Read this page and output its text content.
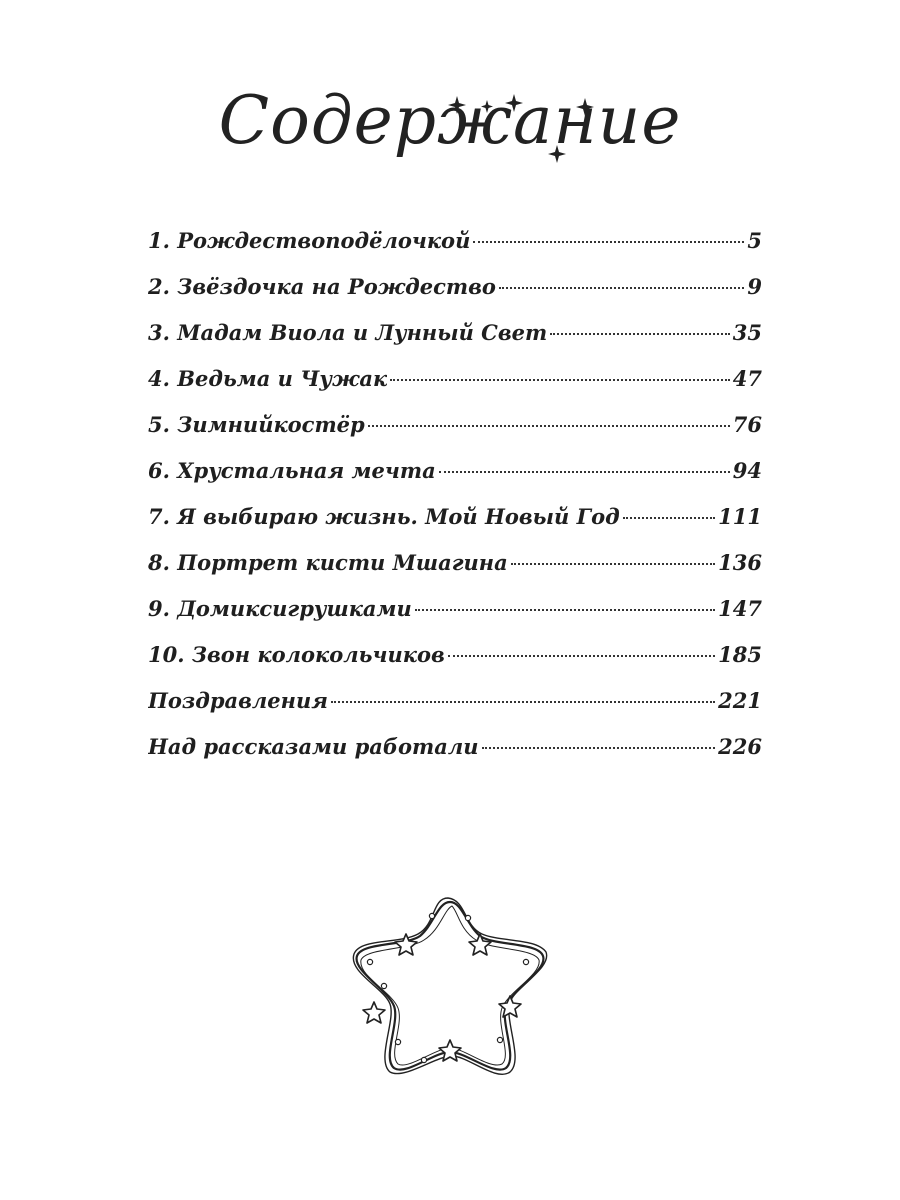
Содержание
1. Рождествоподёлочкой	5
2. Звёздочка на Рождество	9
3. Мадам Виола и Лунный Свет	35
4. Ведьма и Чужак	47
5. Зимнийкостёр	76
6. Хрустальная мечта	94
7. Я выбираю жизнь. Мой Новый Год	111
8. Портрет кисти Мшагина	136
9. Домиксигрушками	147
10. Звон колокольчиков	185
Поздравления	221
Над рассказами работали	226
